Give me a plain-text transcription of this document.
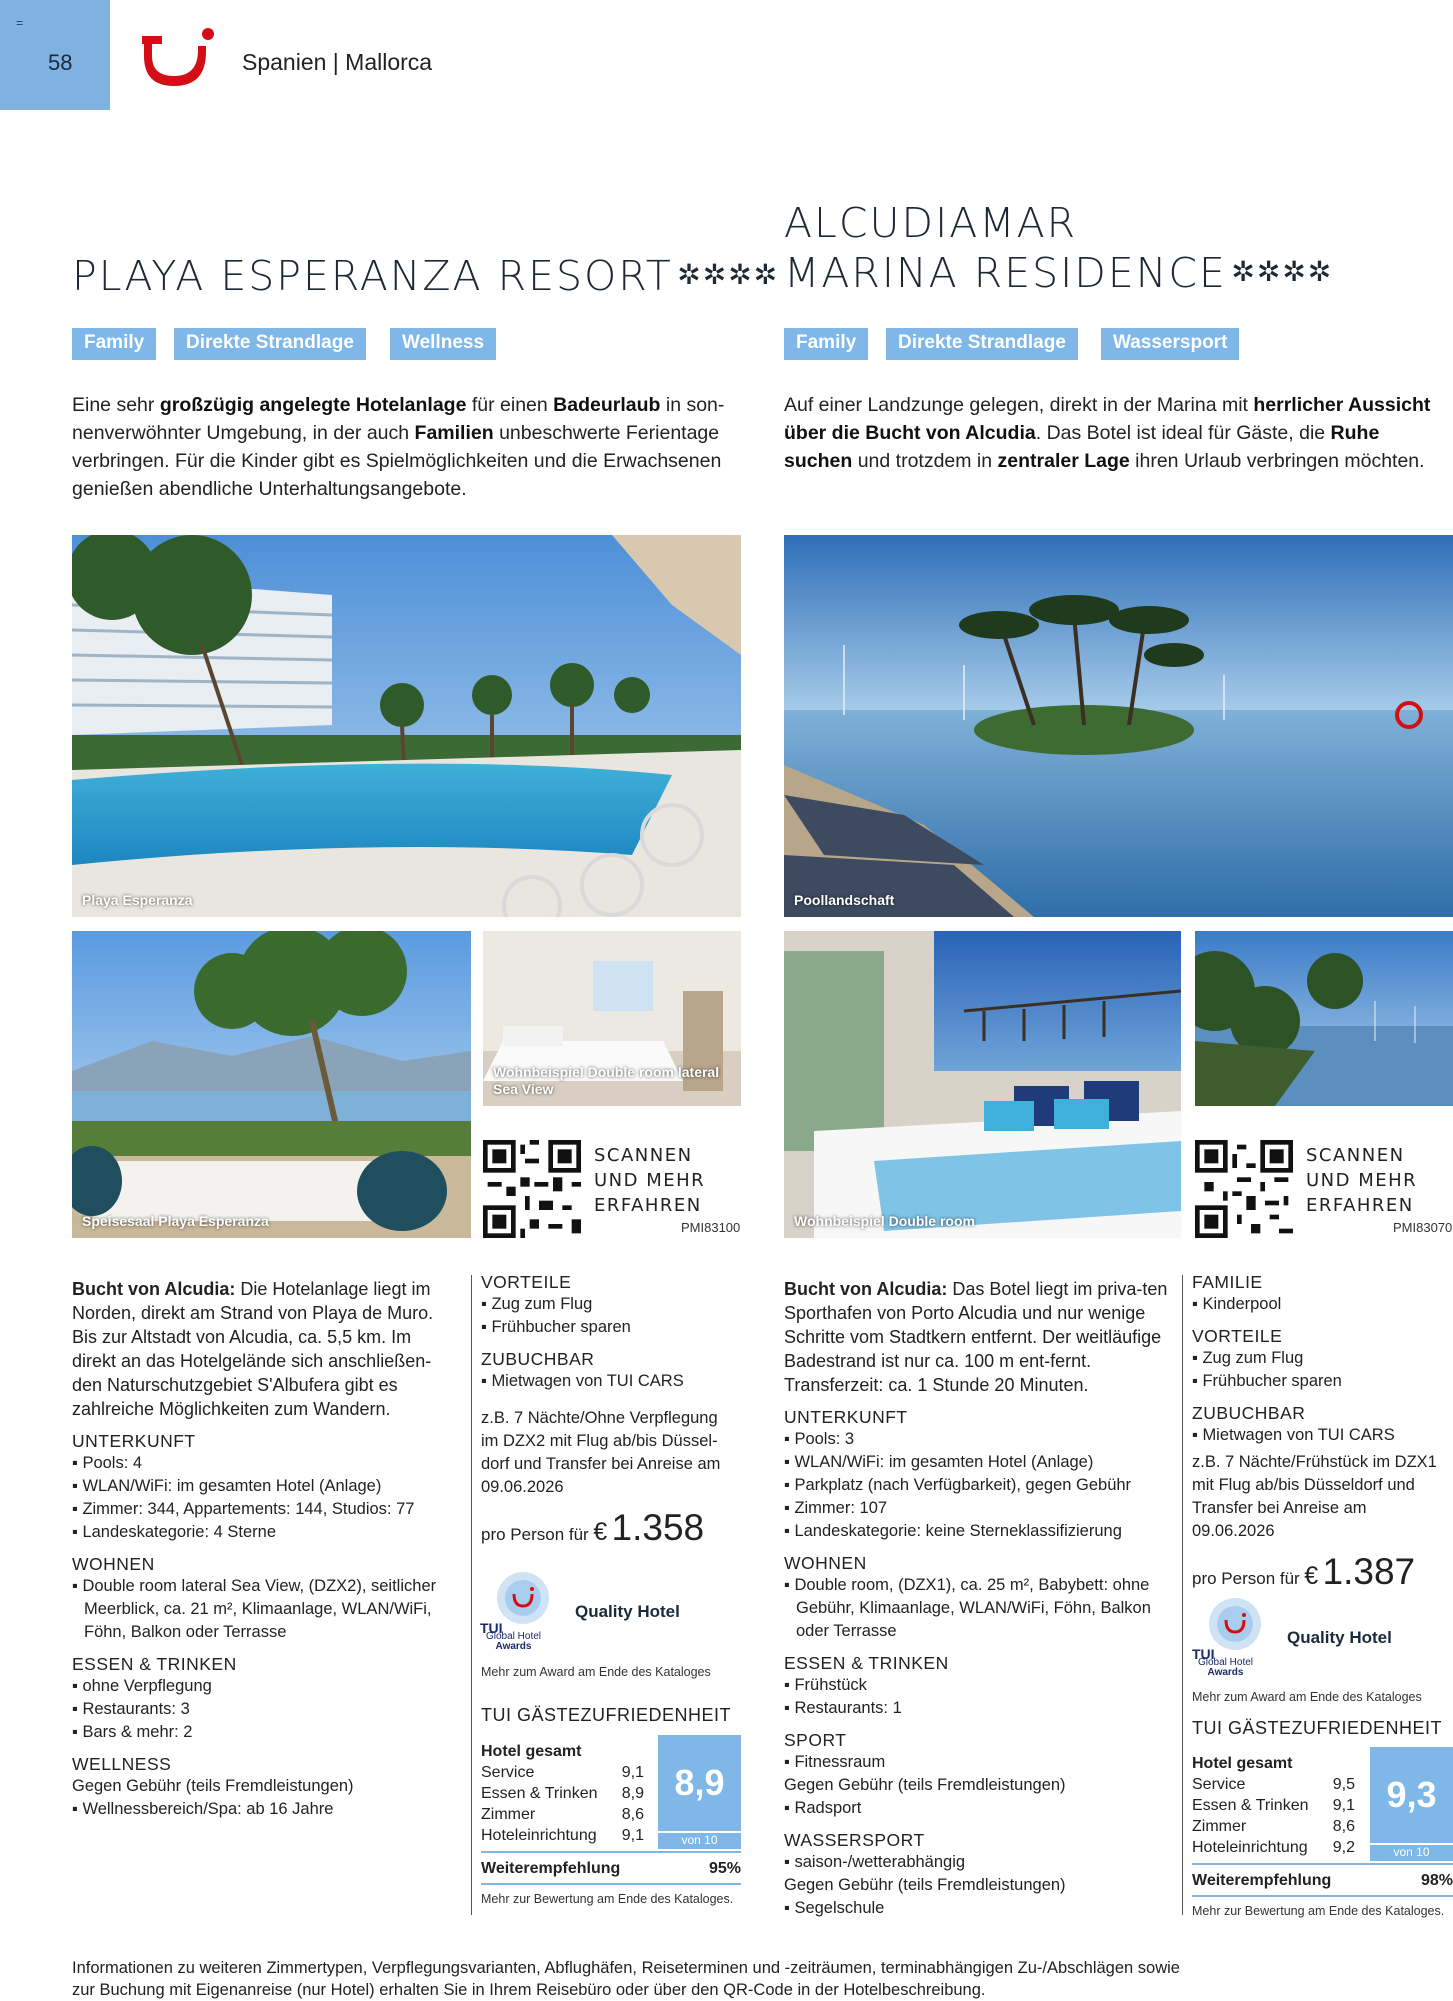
=
58	Spanien | Mallorca
PLAYA ESPERANZA RESORT ✲✲✲✲
Family	Direkte Strandlage	Wellness
Eine sehr großzügig angelegte Hotelanlage für einen Badeurlaub in son-nenverwöhnter Umgebung, in der auch Familien unbeschwerte Ferientage verbringen. Für die Kinder gibt es Spielmöglichkeiten und die Erwachsenen genießen abendliche Unterhaltungsangebote.
Playa Esperanza
Speisesaal Playa Esperanza
Wohnbeispiel Double room lateral Sea View
SCANNEN
UND MEHR
ERFAHREN
PMI83100
Bucht von Alcudia: Die Hotelanlage liegt im Norden, direkt am Strand von Playa de Muro. Bis zur Altstadt von Alcudia, ca. 5,5 km. Im direkt an das Hotelgelände sich anschließen-den Naturschutzgebiet S'Albufera gibt es zahlreiche Möglichkeiten zum Wandern.
UNTERKUNFT
▪ Pools: 4
▪ WLAN/WiFi: im gesamten Hotel (Anlage)
▪ Zimmer: 344, Appartements: 144, Studios: 77
▪ Landeskategorie: 4 Sterne
WOHNEN
▪ Double room lateral Sea View, (DZX2), seitlicher Meerblick, ca. 21 m², Klimaanlage, WLAN/WiFi, Föhn, Balkon oder Terrasse
ESSEN & TRINKEN
▪ ohne Verpflegung
▪ Restaurants: 3
▪ Bars & mehr: 2
WELLNESS
Gegen Gebühr (teils Fremdleistungen)
▪ Wellnessbereich/Spa: ab 16 Jahre
VORTEILE
▪ Zug zum Flug
▪ Frühbucher sparen
ZUBUCHBAR
▪ Mietwagen von TUI CARS
z.B. 7 Nächte/Ohne Verpflegung im DZX2 mit Flug ab/bis Düssel-dorf und Transfer bei Anreise am 09.06.2026
pro Person für € 1.358
TUI
Global Hotel
Awards
Quality Hotel
Mehr zum Award am Ende des Kataloges
TUI GÄSTEZUFRIEDENHEIT
Hotel gesamt
Service	9,1
Essen & Trinken 8,9
Zimmer	8,6
Hoteleinrichtung 9,1
8,9
von 10
Weiterempfehlung	95%
Mehr zur Bewertung am Ende des Kataloges.
ALCUDIAMAR
MARINA RESIDENCE ✲✲✲✲
Family	Direkte Strandlage	Wassersport
Auf einer Landzunge gelegen, direkt in der Marina mit herrlicher Aussicht über die Bucht von Alcudia. Das Botel ist ideal für Gäste, die Ruhe suchen und trotzdem in zentraler Lage ihren Urlaub verbringen möchten.
Poollandschaft
Wohnbeispiel Double room
SCANNEN
UND MEHR
ERFAHREN
PMI83070
Bucht von Alcudia: Das Botel liegt im priva-ten Sporthafen von Porto Alcudia und nur wenige Schritte vom Stadtkern entfernt. Der weitläufige Badestrand ist nur ca. 100 m ent-fernt. Transferzeit: ca. 1 Stunde 20 Minuten.
UNTERKUNFT
▪ Pools: 3
▪ WLAN/WiFi: im gesamten Hotel (Anlage)
▪ Parkplatz (nach Verfügbarkeit), gegen Gebühr
▪ Zimmer: 107
▪ Landeskategorie: keine Sterneklassifizierung
WOHNEN
▪ Double room, (DZX1), ca. 25 m², Babybett: ohne Gebühr, Klimaanlage, WLAN/WiFi, Föhn, Balkon oder Terrasse
ESSEN & TRINKEN
▪ Frühstück
▪ Restaurants: 1
SPORT
▪ Fitnessraum
Gegen Gebühr (teils Fremdleistungen)
▪ Radsport
WASSERSPORT
▪ saison-/wetterabhängig
Gegen Gebühr (teils Fremdleistungen)
▪ Segelschule
FAMILIE
▪ Kinderpool
VORTEILE
▪ Zug zum Flug
▪ Frühbucher sparen
ZUBUCHBAR
▪ Mietwagen von TUI CARS
z.B. 7 Nächte/Frühstück im DZX1 mit Flug ab/bis Düsseldorf und Transfer bei Anreise am 09.06.2026
pro Person für € 1.387
TUI
Global Hotel
Awards
Quality Hotel
Mehr zum Award am Ende des Kataloges
TUI GÄSTEZUFRIEDENHEIT
Hotel gesamt
Service	9,5
Essen & Trinken 9,1
Zimmer	8,6
Hoteleinrichtung 9,2
9,3
von 10
Weiterempfehlung	98%
Mehr zur Bewertung am Ende des Kataloges.
Informationen zu weiteren Zimmertypen, Verpflegungsvarianten, Abflughäfen, Reiseterminen und -zeiträumen, terminabhängigen Zu-/Abschlägen sowie zur Buchung mit Eigenanreise (nur Hotel) erhalten Sie in Ihrem Reisebüro oder über den QR-Code in der Hotelbeschreibung.
